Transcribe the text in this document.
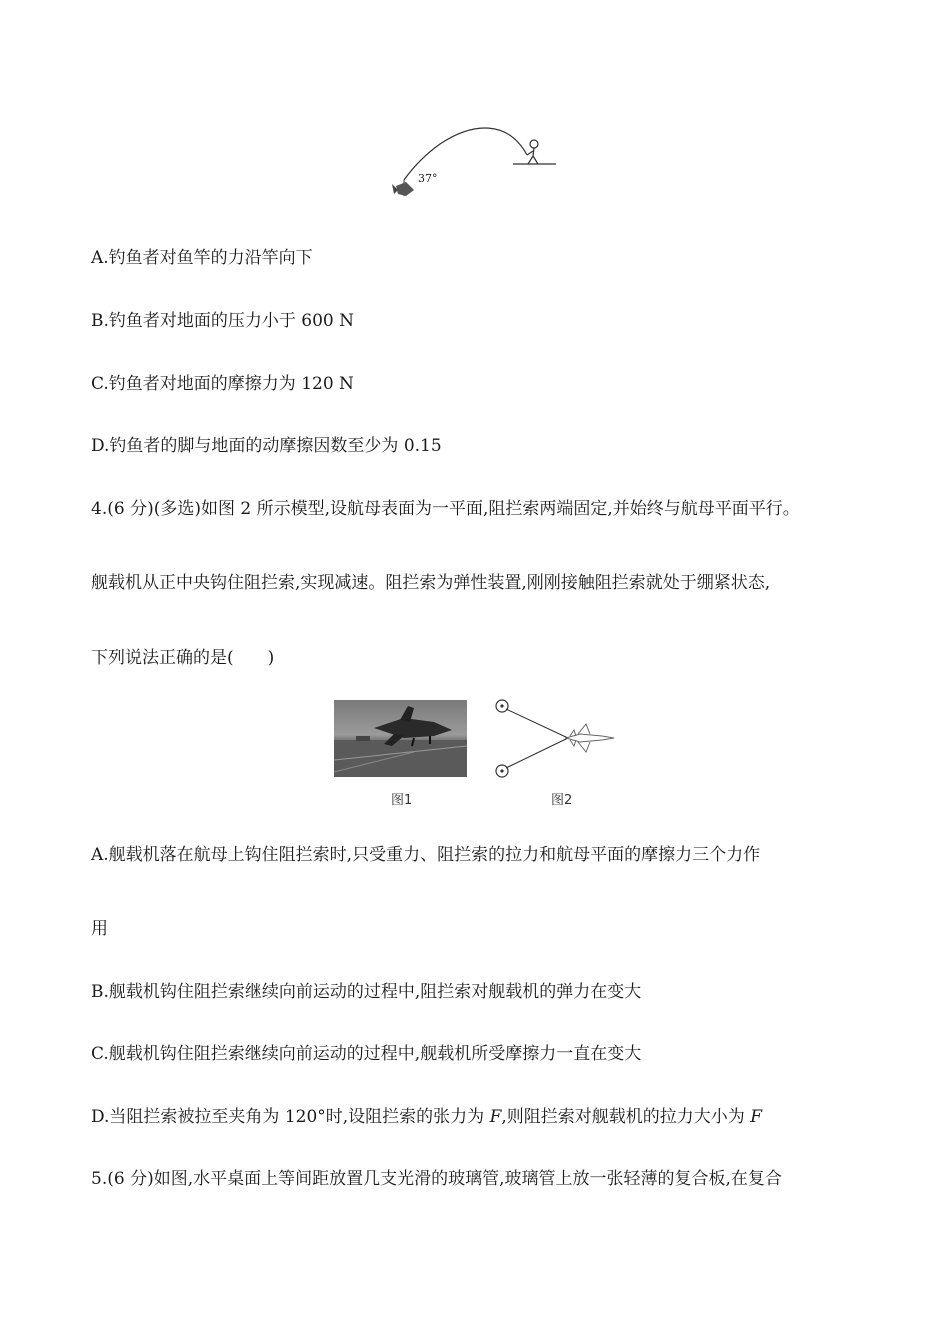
37°
A.钓鱼者对鱼竿的力沿竿向下
B.钓鱼者对地面的压力小于 600 N
C.钓鱼者对地面的摩擦力为 120 N
D.钓鱼者的脚与地面的动摩擦因数至少为 0.15
4.(6 分)(多选)如图 2 所示模型,设航母表面为一平面,阻拦索两端固定,并始终与航母平面平行。
舰载机从正中央钩住阻拦索,实现减速。阻拦索为弹性装置,刚刚接触阻拦索就处于绷紧状态,
下列说法正确的是(　　)
图1	图2
A.舰载机落在航母上钩住阻拦索时,只受重力、阻拦索的拉力和航母平面的摩擦力三个力作
用
B.舰载机钩住阻拦索继续向前运动的过程中,阻拦索对舰载机的弹力在变大
C.舰载机钩住阻拦索继续向前运动的过程中,舰载机所受摩擦力一直在变大
D.当阻拦索被拉至夹角为 120°时,设阻拦索的张力为 F,则阻拦索对舰载机的拉力大小为 F
5.(6 分)如图,水平桌面上等间距放置几支光滑的玻璃管,玻璃管上放一张轻薄的复合板,在复合
